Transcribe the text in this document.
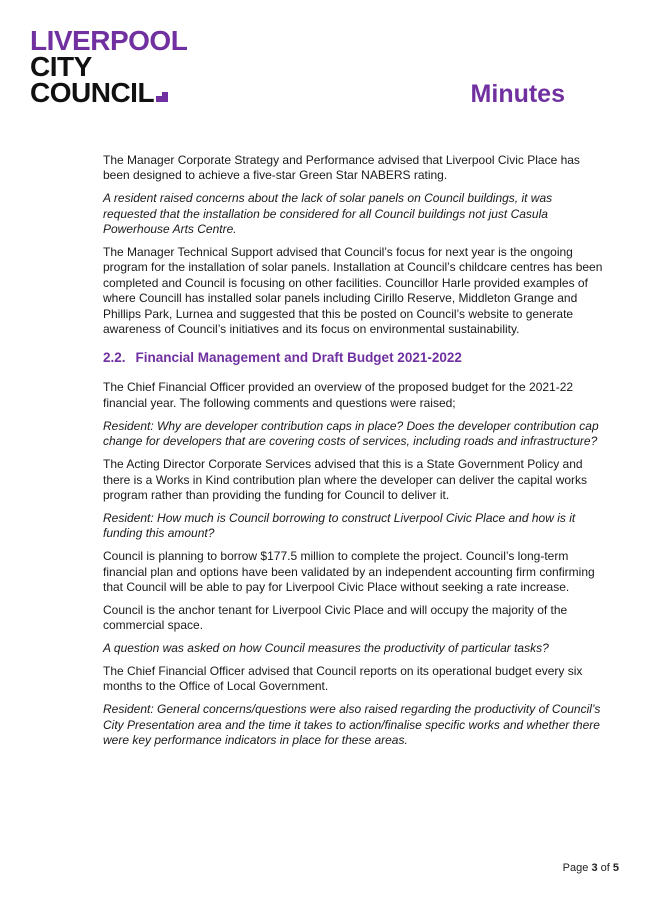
LIVERPOOL
CITY
COUNCIL	Minutes

The Manager Corporate Strategy and Performance advised that Liverpool Civic Place has been designed to achieve a five-star Green Star NABERS rating.

A resident raised concerns about the lack of solar panels on Council buildings, it was requested that the installation be considered for all Council buildings not just Casula Powerhouse Arts Centre.

The Manager Technical Support advised that Council’s focus for next year is the ongoing program for the installation of solar panels. Installation at Council’s childcare centres has been completed and Council is focusing on other facilities. Councillor Harle provided examples of where Councill has installed solar panels including Cirillo Reserve, Middleton Grange and Phillips Park, Lurnea and suggested that this be posted on Council’s website to generate awareness of Council’s initiatives and its focus on environmental sustainability.

2.2. Financial Management and Draft Budget 2021-2022

The Chief Financial Officer provided an overview of the proposed budget for the 2021-22 financial year. The following comments and questions were raised;

Resident: Why are developer contribution caps in place? Does the developer contribution cap change for developers that are covering costs of services, including roads and infrastructure?

The Acting Director Corporate Services advised that this is a State Government Policy and there is a Works in Kind contribution plan where the developer can deliver the capital works program rather than providing the funding for Council to deliver it.

Resident: How much is Council borrowing to construct Liverpool Civic Place and how is it funding this amount?

Council is planning to borrow $177.5 million to complete the project. Council’s long-term financial plan and options have been validated by an independent accounting firm confirming that Council will be able to pay for Liverpool Civic Place without seeking a rate increase.

Council is the anchor tenant for Liverpool Civic Place and will occupy the majority of the commercial space.

A question was asked on how Council measures the productivity of particular tasks?

The Chief Financial Officer advised that Council reports on its operational budget every six months to the Office of Local Government.

Resident: General concerns/questions were also raised regarding the productivity of Council’s City Presentation area and the time it takes to action/finalise specific works and whether there were key performance indicators in place for these areas.

Page 3 of 5
